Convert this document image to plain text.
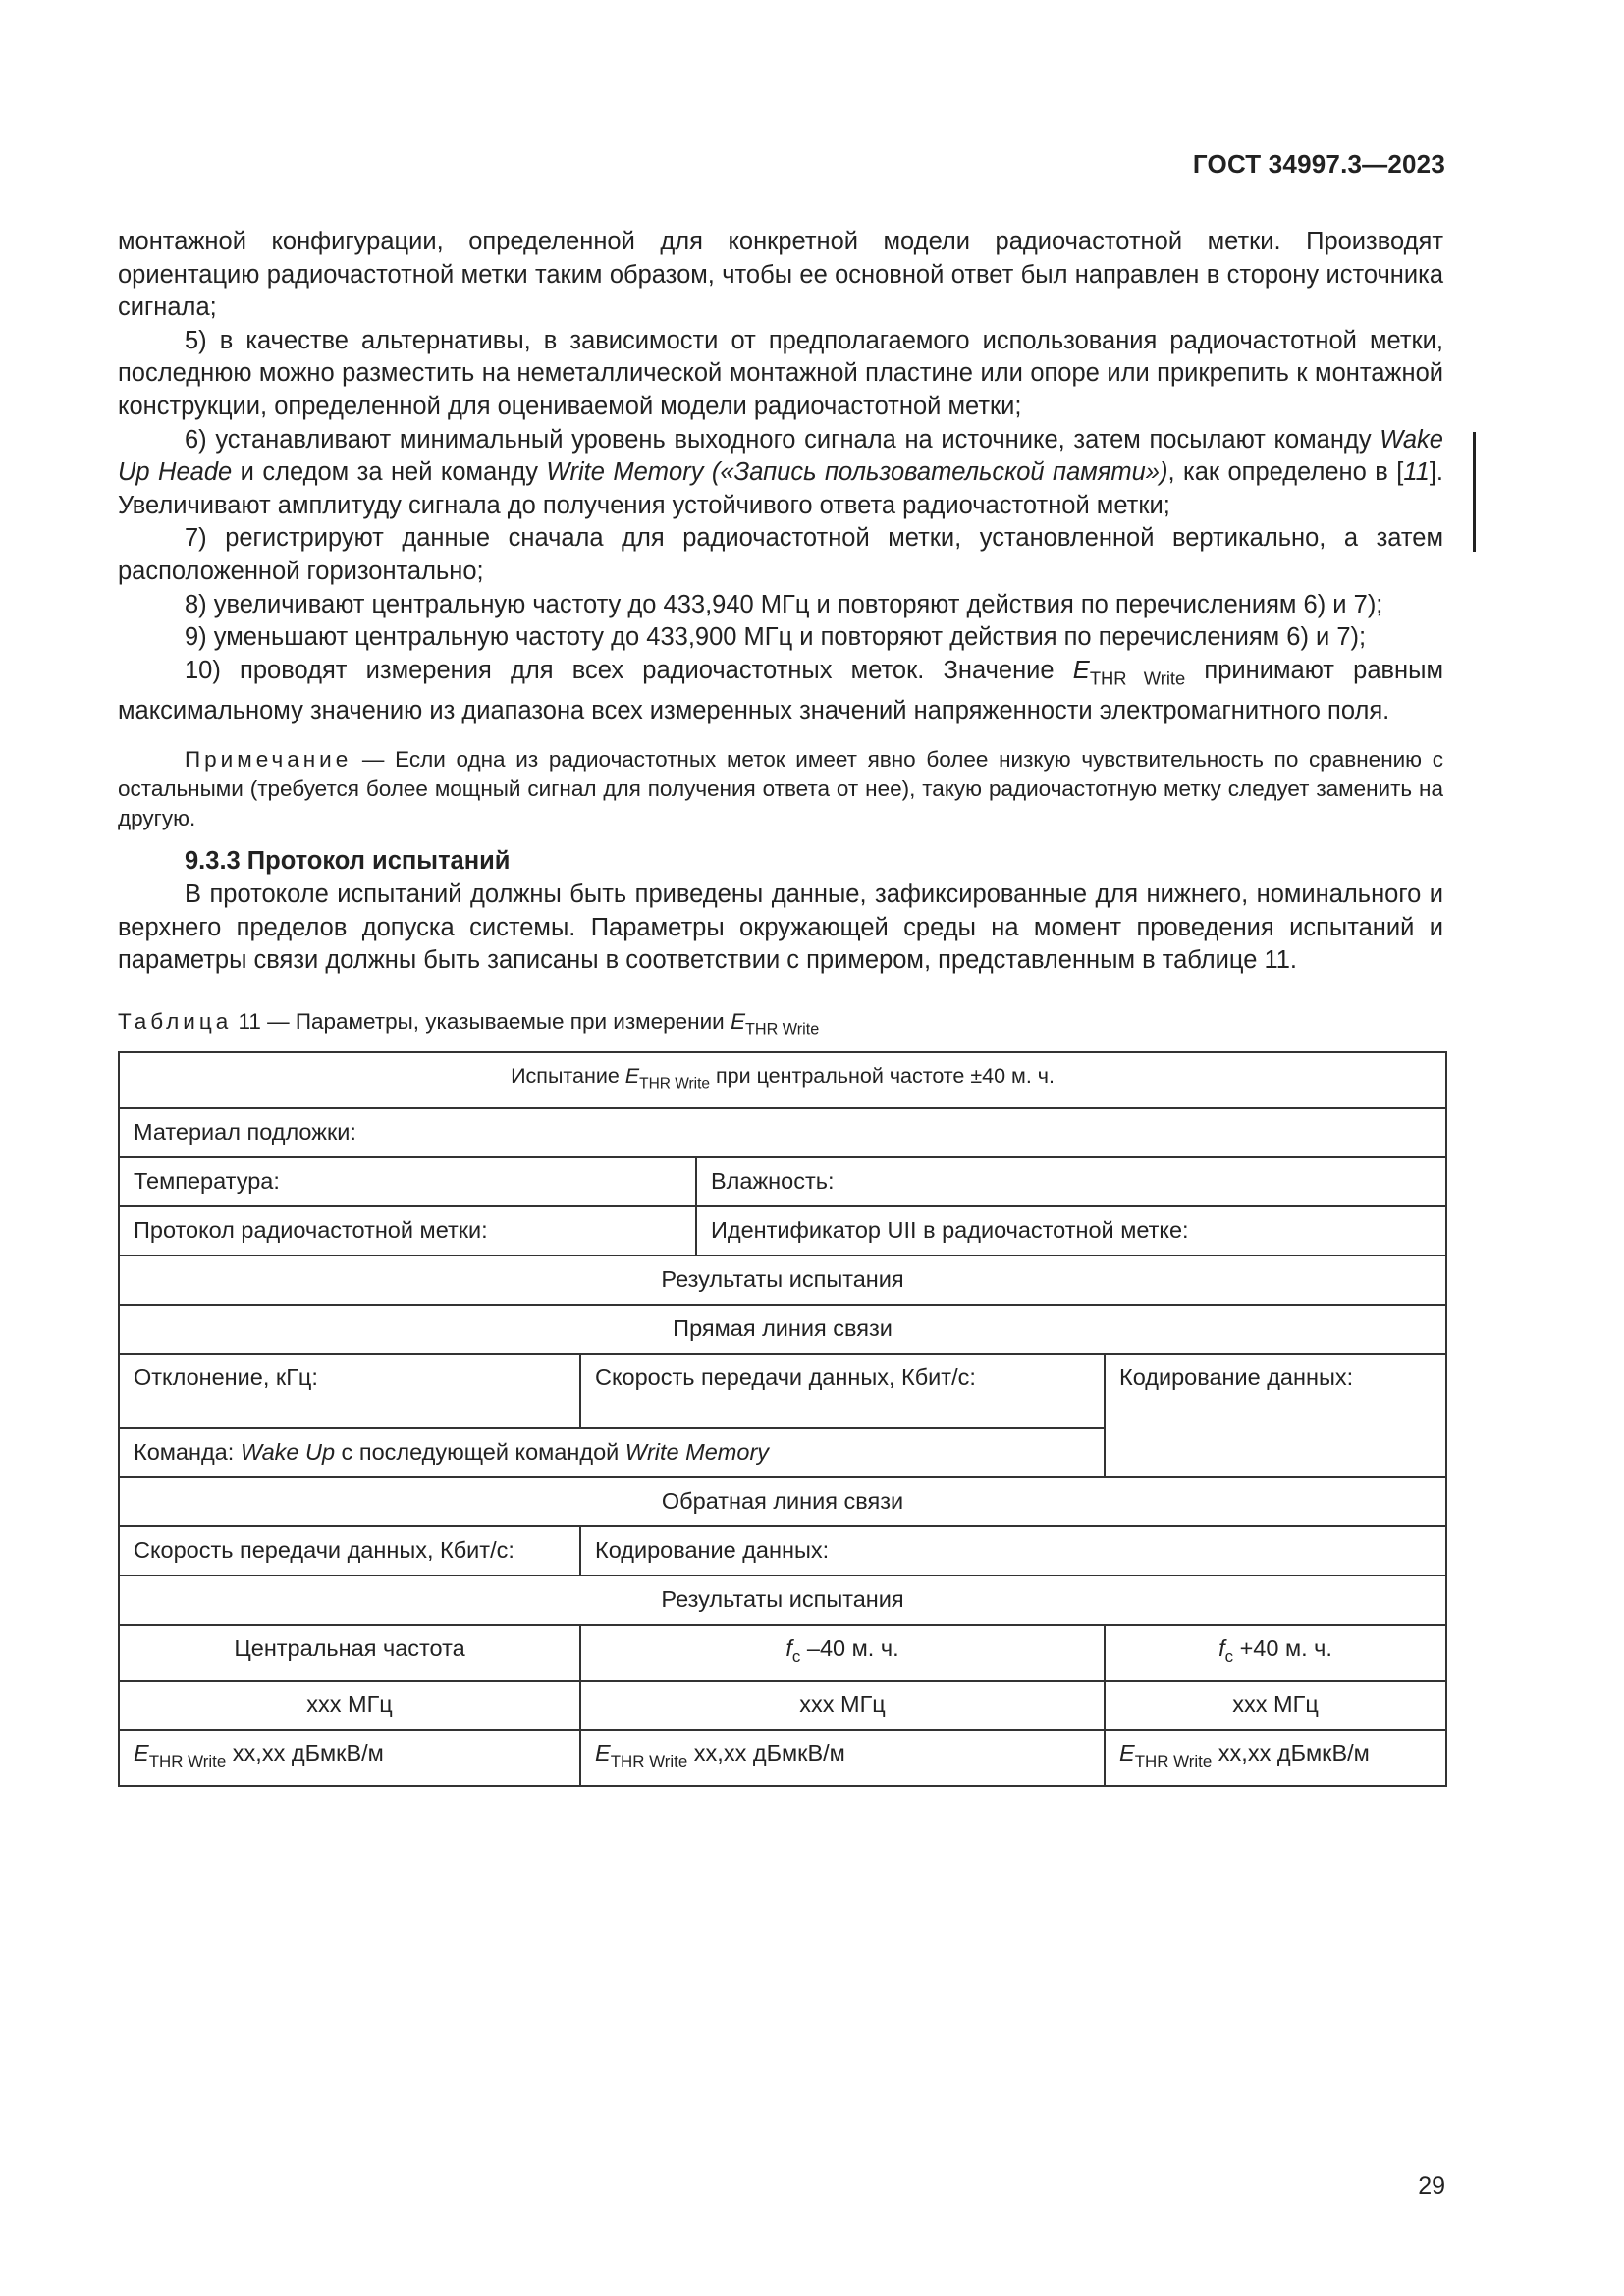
ГОСТ 34997.3—2023

монтажной конфигурации, определенной для конкретной модели радиочастотной метки. Производят ориентацию радиочастотной метки таким образом, чтобы ее основной ответ был направлен в сторону источника сигнала;

5) в качестве альтернативы, в зависимости от предполагаемого использования радиочастотной метки, последнюю можно разместить на неметаллической монтажной пластине или опоре или прикрепить к монтажной конструкции, определенной для оцениваемой модели радиочастотной метки;

6) устанавливают минимальный уровень выходного сигнала на источнике, затем посылают команду Wake Up Heade и следом за ней команду Write Memory («Запись пользовательской памяти»), как определено в [11]. Увеличивают амплитуду сигнала до получения устойчивого ответа радиочастотной метки;

7) регистрируют данные сначала для радиочастотной метки, установленной вертикально, а затем расположенной горизонтально;

8) увеличивают центральную частоту до 433,940 МГц и повторяют действия по перечислениям 6) и 7);

9) уменьшают центральную частоту до 433,900 МГц и повторяют действия по перечислениям 6) и 7);

10) проводят измерения для всех радиочастотных меток. Значение $E_{THR Write}$ принимают равным максимальному значению из диапазона всех измеренных значений напряженности электромагнитного поля.

Примечание — Если одна из радиочастотных меток имеет явно более низкую чувствительность по сравнению с остальными (требуется более мощный сигнал для получения ответа от нее), такую радиочастотную метку следует заменить на другую.

9.3.3 Протокол испытаний

В протоколе испытаний должны быть приведены данные, зафиксированные для нижнего, номинального и верхнего пределов допуска системы. Параметры окружающей среды на момент проведения испытаний и параметры связи должны быть записаны в соответствии с примером, представленным в таблице 11.

Таблица 11 — Параметры, указываемые при измерении $E_{THR Write}$

Испытание $E_{THR Write}$ при центральной частоте ±40 м. ч.			
Материал подложки:			
Температура:		Влажность:	
Протокол радиочастотной метки:		Идентификатор UII в радиочастотной метке:	
Результаты испытания			
Прямая линия связи			
Отклонение, кГц:	Скорость передачи данных, Кбит/с:		Кодирование данных:
Команда: Wake Up с последующей командой Write Memory			
Обратная линия связи			
Скорость передачи данных, Кбит/с:	Кодирование данных:		
Результаты испытания			
Центральная частота	$f_c$ –40 м. ч.		$f_c +40$ м. ч.
xxx МГц	xxx МГц		xxx МГц
$E_{THR Write}$ xx,xx дБмкВ/м	$E_{THR Write}$ xx,xx дБмкВ/м		$E_{THR Write}$ xx,xx дБмкВ/м
29
